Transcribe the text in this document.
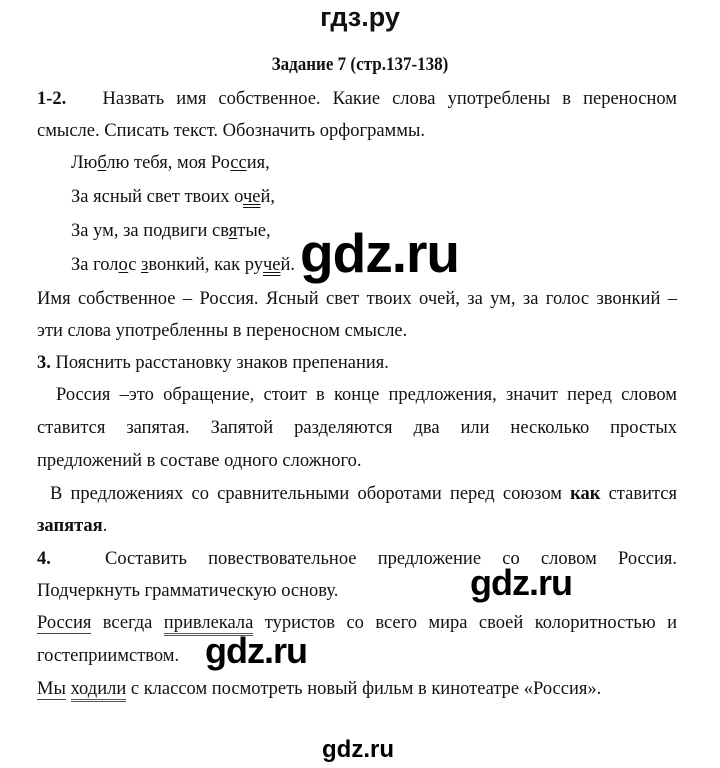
гдз.ру
Задание 7 (стр.137-138)
1-2. Назвать имя собственное. Какие слова употреблены в переносном
смысле. Списать текст. Обозначить орфограммы.
Люблю тебя, моя Россия,
За ясный свет твоих очей,
За ум, за подвиги святые,
За голос звонкий, как ручей. gdz.ru
Имя собственное – Россия. Ясный свет твоих очей, за ум, за голос звонкий –
эти слова употребленны в переносном смысле.
3. Пояснить расстановку знаков препенания.
Россия –это обращение, стоит в конце предложения, значит перед словом
ставится запятая. Запятой разделяются два или несколько простых
предложений в составе одного сложного.
В предложениях со сравнительными оборотами перед союзом как ставится
запятая.
4.	Составить повествовательное предложение со словом Россия.
Подчеркнуть грамматическую основу.	gdz.ru
Россия всегда привлекала туристов со всего мира своей колоритностью и
гостеприимством. gdz.ru
Мы ходили с классом посмотреть новый фильм в кинотеатре «Россия».
gdz.ru
